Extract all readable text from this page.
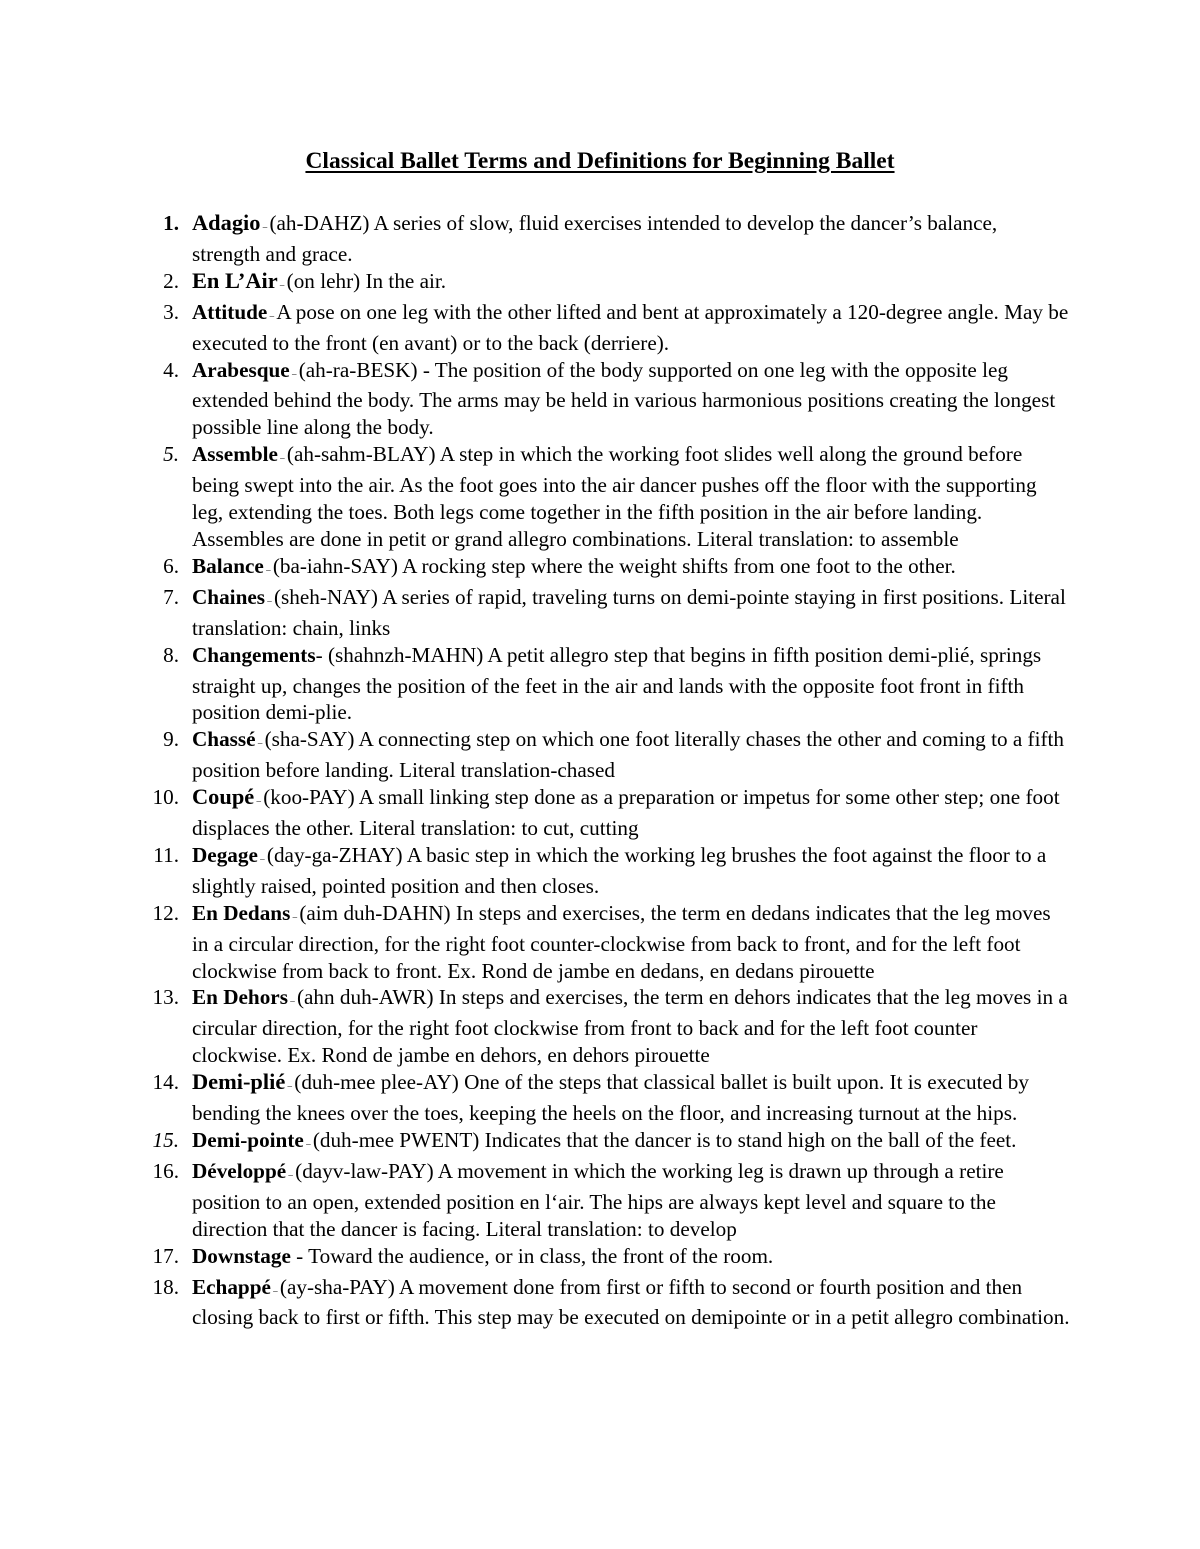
Classical Ballet Terms and Definitions for Beginning Ballet
1. Adagio – (ah-DAHZ) A series of slow, fluid exercises intended to develop the dancer’s balance, strength and grace.
2. En L’Air – (on lehr) In the air.
3. Attitude – A pose on one leg with the other lifted and bent at approximately a 120-degree angle. May be executed to the front (en avant) or to the back (derriere).
4. Arabesque – (ah-ra-BESK) - The position of the body supported on one leg with the opposite leg extended behind the body. The arms may be held in various harmonious positions creating the longest possible line along the body.
5. Assemble – (ah-sahm-BLAY) A step in which the working foot slides well along the ground before being swept into the air. As the foot goes into the air dancer pushes off the floor with the supporting leg, extending the toes. Both legs come together in the fifth position in the air before landing. Assembles are done in petit or grand allegro combinations. Literal translation: to assemble
6. Balance – (ba-iahn-SAY) A rocking step where the weight shifts from one foot to the other.
7. Chaines – (sheh-NAY) A series of rapid, traveling turns on demi-pointe staying in first positions. Literal translation: chain, links
8. Changements- (shahnzh-MAHN) A petit allegro step that begins in fifth position demi-plié, springs straight up, changes the position of the feet in the air and lands with the opposite foot front in fifth position demi-plie.
9. Chassé – (sha-SAY) A connecting step on which one foot literally chases the other and coming to a fifth position before landing. Literal translation-chased
10. Coupé – (koo-PAY) A small linking step done as a preparation or impetus for some other step; one foot displaces the other. Literal translation: to cut, cutting
11. Degage – (day-ga-ZHAY) A basic step in which the working leg brushes the foot against the floor to a slightly raised, pointed position and then closes.
12. En Dedans – (aim duh-DAHN) In steps and exercises, the term en dedans indicates that the leg moves in a circular direction, for the right foot counter-clockwise from back to front, and for the left foot clockwise from back to front. Ex. Rond de jambe en dedans, en dedans pirouette
13. En Dehors – (ahn duh-AWR) In steps and exercises, the term en dehors indicates that the leg moves in a circular direction, for the right foot clockwise from front to back and for the left foot counter clockwise. Ex. Rond de jambe en dehors, en dehors pirouette
14. Demi-plié – (duh-mee plee-AY) One of the steps that classical ballet is built upon. It is executed by bending the knees over the toes, keeping the heels on the floor, and increasing turnout at the hips.
15. Demi-pointe – (duh-mee PWENT) Indicates that the dancer is to stand high on the ball of the feet.
16. Développé – (dayv-law-PAY) A movement in which the working leg is drawn up through a retire position to an open, extended position en l‘air. The hips are always kept level and square to the direction that the dancer is facing. Literal translation: to develop
17. Downstage - Toward the audience, or in class, the front of the room.
18. Echappé – (ay-sha-PAY) A movement done from first or fifth to second or fourth position and then closing back to first or fifth. This step may be executed on demipointe or in a petit allegro combination.
